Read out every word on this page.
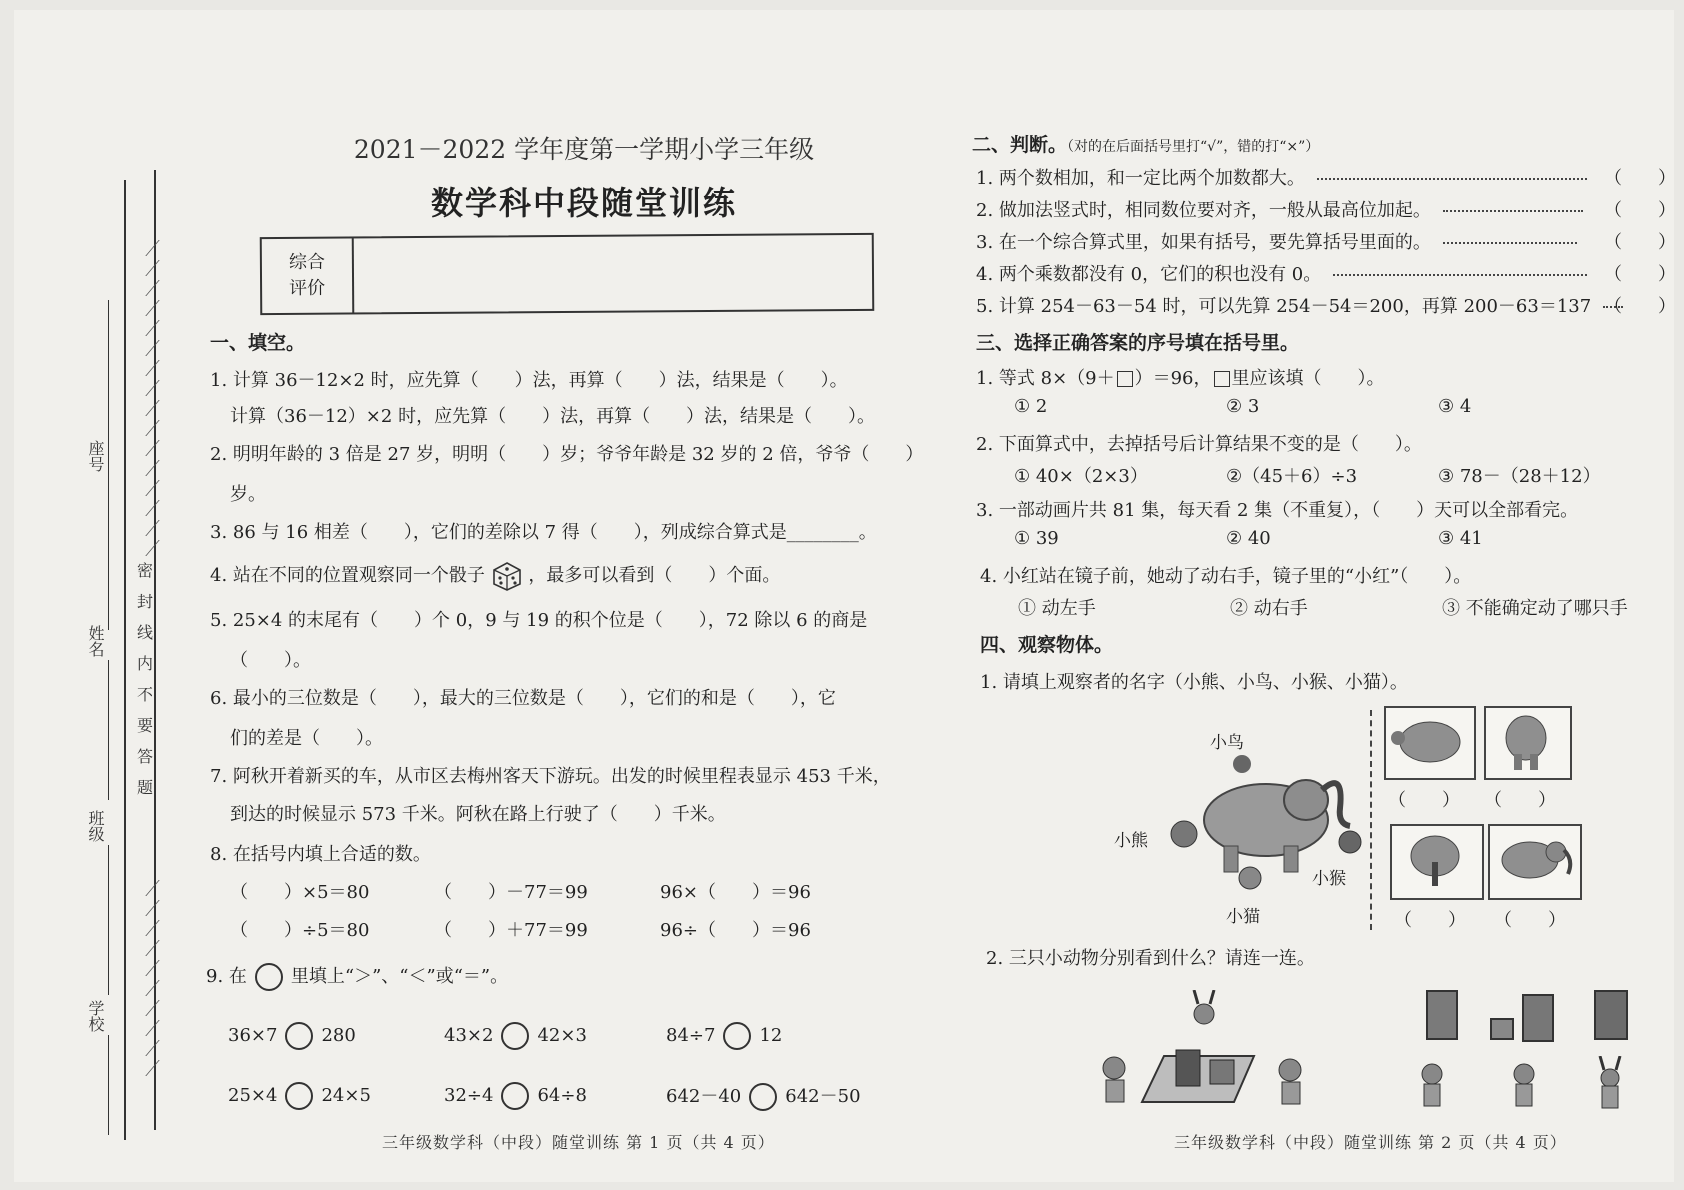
座号
姓名
班级
学校
密
封
线
内
不
要
答
题
2021－2022 学年度第一学期小学三年级
数学科中段随堂训练
综合
评价
一、填空。
1. 计算 36－12×2 时，应先算（　　）法，再算（　　）法，结果是（　　）。
计算（36－12）×2 时，应先算（　　）法，再算（　　）法，结果是（　　）。
2. 明明年龄的 3 倍是 27 岁，明明（　　）岁；爷爷年龄是 32 岁的 2 倍，爷爷（　　）
岁。
3. 86 与 16 相差（　　），它们的差除以 7 得（　　），列成综合算式是________。
4. 站在不同的位置观察同一个骰子 ，最多可以看到（　　）个面。
5. 25×4 的末尾有（　　）个 0，9 与 19 的积个位是（　　），72 除以 6 的商是
（　　）。
6. 最小的三位数是（　　），最大的三位数是（　　），它们的和是（　　），它
们的差是（　　）。
7. 阿秋开着新买的车，从市区去梅州客天下游玩。出发的时候里程表显示 453 千米，
到达的时候显示 573 千米。阿秋在路上行驶了（　　）千米。
8. 在括号内填上合适的数。
（　　）×5＝80	（　　）－77＝99	96×（　　）＝96
（　　）÷5＝80	（　　）＋77＝99	96÷（　　）＝96
9. 在 里填上“＞”、“＜”或“＝”。
36×7 280	43×2 42×3	84÷7 12
25×4 24×5	32÷4 64÷8	642－40 642－50
三年级数学科（中段）随堂训练 第 1 页（共 4 页）	三年级数学科（中段）随堂训练 第 2 页（共 4 页）
二、判断。（对的在后面括号里打“√”，错的打“×”）
1. 两个数相加，和一定比两个加数都大。	（　　）
2. 做加法竖式时，相同数位要对齐，一般从最高位加起。	（　　）
3. 在一个综合算式里，如果有括号，要先算括号里面的。	（　　）
4. 两个乘数都没有 0，它们的积也没有 0。	（　　）
5. 计算 254－63－54 时，可以先算 254－54＝200，再算 200－63＝137 （　　）
三、选择正确答案的序号填在括号里。
1. 等式 8×（9＋ ）＝96， 里应该填（　　）。
① 2	② 3	③ 4
2. 下面算式中，去掉括号后计算结果不变的是（　　）。
① 40×（2×3）	②（45＋6）÷3	③ 78－（28＋12）
3. 一部动画片共 81 集，每天看 2 集（不重复），（　　）天可以全部看完。
① 39	② 40	③ 41
4. 小红站在镜子前，她动了动右手，镜子里的“小红”（　　）。
① 动左手	② 动右手	③ 不能确定动了哪只手
四、观察物体。
1. 请填上观察者的名字（小熊、小鸟、小猴、小猫）。
小鸟
小熊
小猴
小猫
（　　） （　　）
（　　） （　　）
2. 三只小动物分别看到什么？请连一连。
